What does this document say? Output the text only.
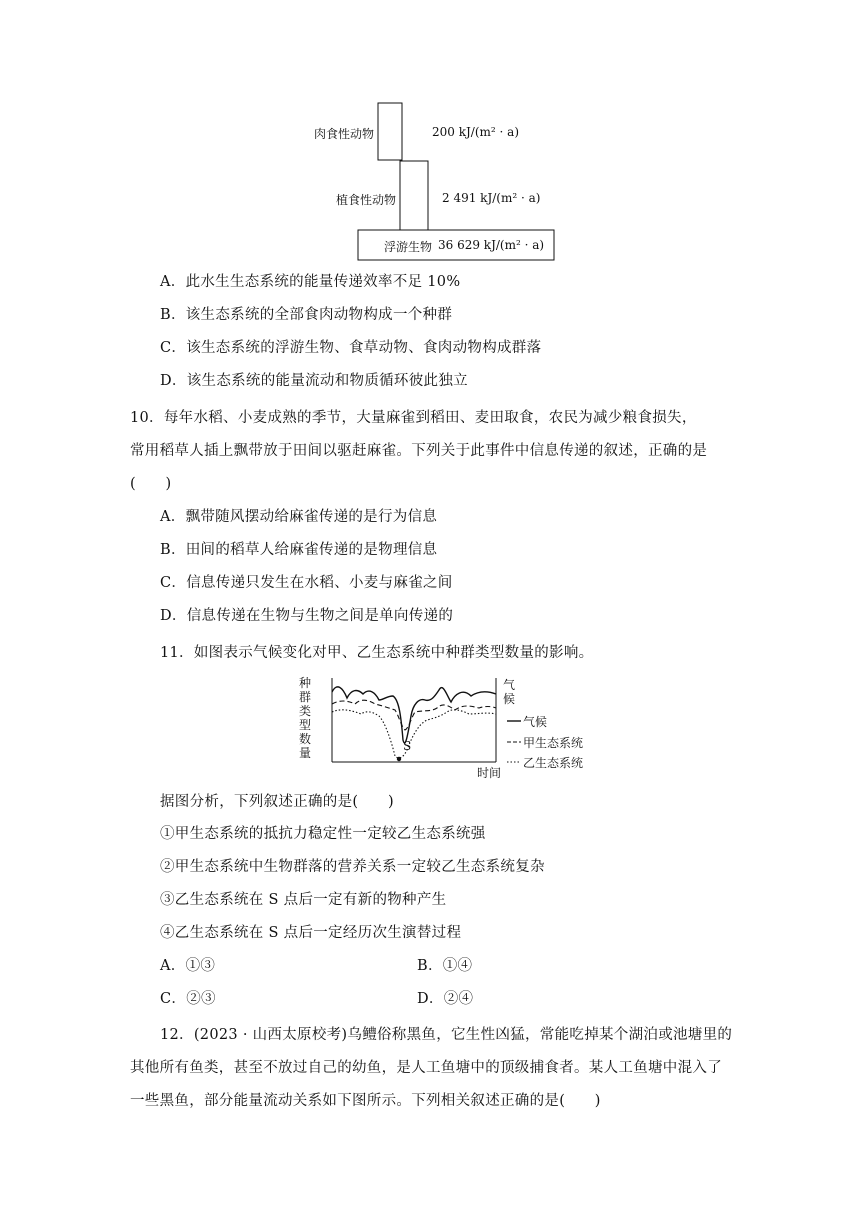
肉食性动物	200 kJ/(m² · a)
植食性动物	2 491 kJ/(m² · a)
浮游生物 36 629 kJ/(m² · a)
A．此水生生态系统的能量传递效率不足 10%
B．该生态系统的全部食肉动物构成一个种群
C．该生态系统的浮游生物、食草动物、食肉动物构成群落
D．该生态系统的能量流动和物质循环彼此独立
10．每年水稻、小麦成熟的季节，大量麻雀到稻田、麦田取食，农民为减少粮食损失，
常用稻草人插上飘带放于田间以驱赶麻雀。下列关于此事件中信息传递的叙述，正确的是
(　　)
A．飘带随风摆动给麻雀传递的是行为信息
B．田间的稻草人给麻雀传递的是物理信息
C．信息传递只发生在水稻、小麦与麻雀之间
D．信息传递在生物与生物之间是单向传递的
11．如图表示气候变化对甲、乙生态系统中种群类型数量的影响。
种群类型数量
气候
S
时间
气候
甲生态系统
乙生态系统
据图分析，下列叙述正确的是(　　)
①甲生态系统的抵抗力稳定性一定较乙生态系统强
②甲生态系统中生物群落的营养关系一定较乙生态系统复杂
③乙生态系统在 S 点后一定有新的物种产生
④乙生态系统在 S 点后一定经历次生演替过程
A．①③	B．①④
C．②③	D．②④
12．(2023 · 山西太原校考)乌鳢俗称黑鱼，它生性凶猛，常能吃掉某个湖泊或池塘里的
其他所有鱼类，甚至不放过自己的幼鱼，是人工鱼塘中的顶级捕食者。某人工鱼塘中混入了
一些黑鱼，部分能量流动关系如下图所示。下列相关叙述正确的是(　　)
